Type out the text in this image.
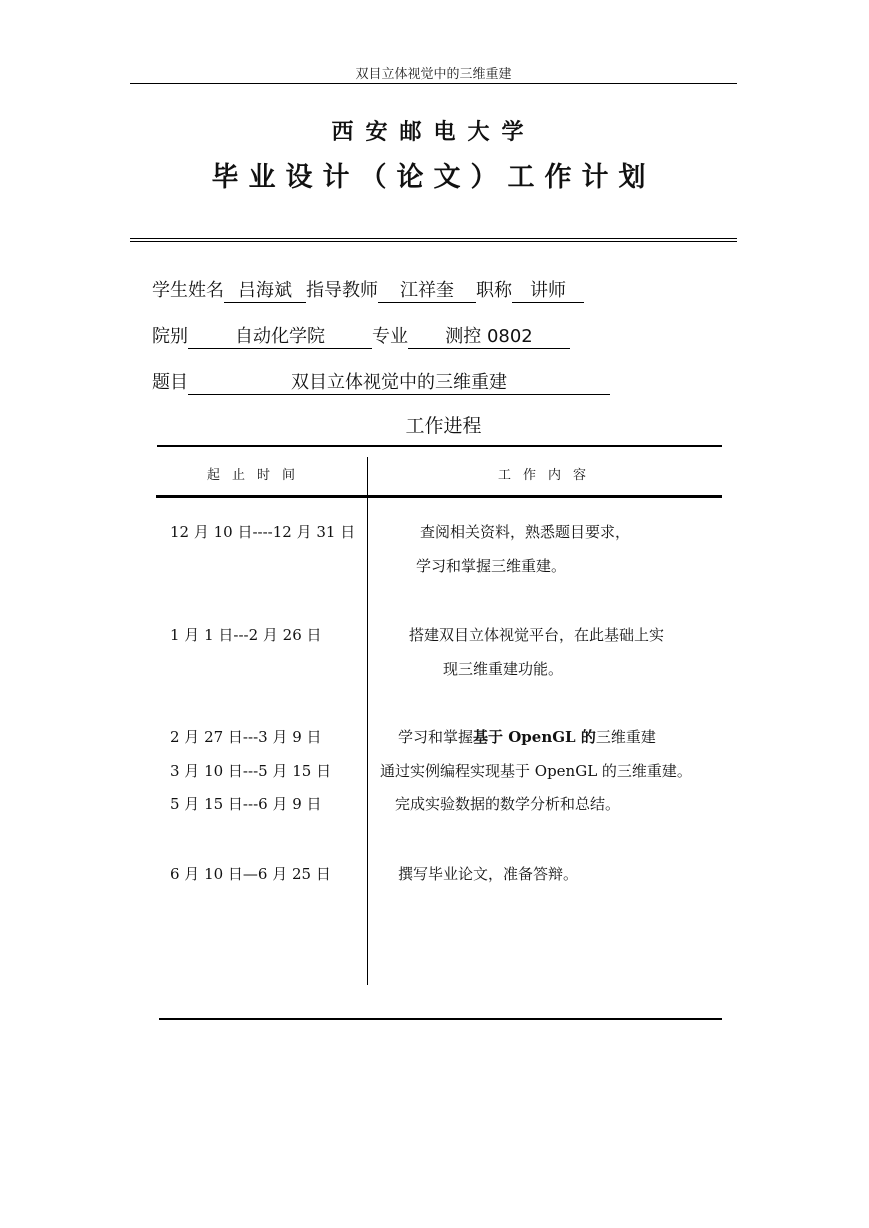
双目立体视觉中的三维重建
西安邮电大学
毕业设计（论文）工作计划
学生姓名 吕海斌 指导教师 江祥奎 职称 讲师
院别	自动化学院	专业 测控 0802
题目	双目立体视觉中的三维重建
工作进程
起止时间	工作内容
12 月 10 日----12 月 31 日	查阅相关资料，熟悉题目要求，
学习和掌握三维重建。
1 月 1 日---2 月 26 日	搭建双目立体视觉平台，在此基础上实
现三维重建功能。
2 月 27 日---3 月 9 日	学习和掌握基于 OpenGL 的三维重建
3 月 10 日---5 月 15 日	通过实例编程实现基于 OpenGL 的三维重建。
5 月 15 日---6 月 9 日	完成实验数据的数学分析和总结。
6 月 10 日—6 月 25 日	撰写毕业论文，准备答辩。
